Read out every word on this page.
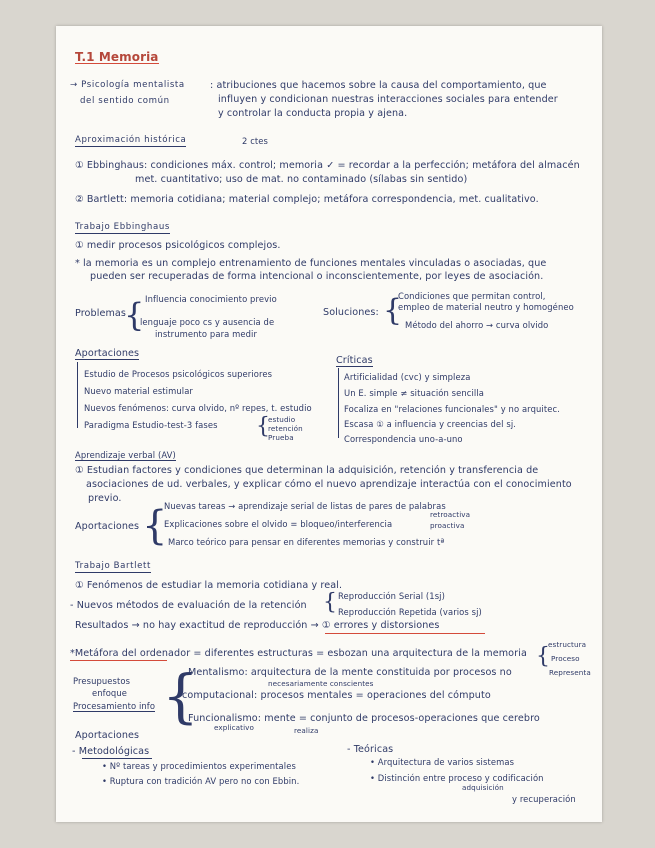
T.1 Memoria
→ Psicología mentalista
del sentido común
: atribuciones que hacemos sobre la causa del comportamiento, que
influyen y condicionan nuestras interacciones sociales para entender
y controlar la conducta propia y ajena.
Aproximación histórica	2 ctes
① Ebbinghaus: condiciones máx. control; memoria ✓ = recordar a la perfección; metáfora del almacén
met. cuantitativo; uso de mat. no contaminado (sílabas sin sentido)
② Bartlett: memoria cotidiana; material complejo; metáfora correspondencia, met. cualitativo.
Trabajo Ebbinghaus
① medir procesos psicológicos complejos.
* la memoria es un complejo entrenamiento de funciones mentales vinculadas o asociadas, que
pueden ser recuperadas de forma intencional o inconscientemente, por leyes de asociación.
Problemas
{ Influencia conocimiento previo
lenguaje poco cs y ausencia de
instrumento para medir
Soluciones: {
Condiciones que permitan control,
empleo de material neutro y homogéneo
Método del ahorro → curva olvido
Aportaciones
Estudio de Procesos psicológicos superiores
Nuevo material estimular
Nuevos fenómenos: curva olvido, nº repes, t. estudio
Paradigma Estudio-test-3 fases {
estudio
retención
Prueba
Críticas
Artificialidad (cvc) y simpleza
Un E. simple ≠ situación sencilla
Focaliza en "relaciones funcionales" y no arquitec.
Escasa ① a influencia y creencias del sj.
Correspondencia uno-a-uno
Aprendizaje verbal (AV)
① Estudian factores y condiciones que determinan la adquisición, retención y transferencia de
asociaciones de ud. verbales, y explicar cómo el nuevo aprendizaje interactúa con el conocimiento
previo.
Aportaciones {
Nuevas tareas → aprendizaje serial de listas de pares de palabras
Explicaciones sobre el olvido = bloqueo/interferencia
retroactiva
proactiva
Marco teórico para pensar en diferentes memorias y construir tª
Trabajo Bartlett
① Fenómenos de estudiar la memoria cotidiana y real.
- Nuevos métodos de evaluación de la retención { Reproducción Serial (1sj)
Reproducción Repetida (varios sj)
Resultados → no hay exactitud de reproducción → ① errores y distorsiones
*Metáfora del ordenador = diferentes estructuras = esbozan una arquitectura de la memoria {
estructura
Proceso
Representa
Presupuestos
enfoque
Procesamiento info {
Mentalismo: arquitectura de la mente constituida por procesos no
necesariamente conscientes
computacional: procesos mentales = operaciones del cómputo
Funcionalismo: mente = conjunto de procesos-operaciones que cerebro
explicativo	realiza
Aportaciones
- Metodológicas
• Nº tareas y procedimientos experimentales
• Ruptura con tradición AV pero no con Ebbin.
- Teóricas
• Arquitectura de varios sistemas
• Distinción entre proceso y codificación
adquisición
y recuperación
